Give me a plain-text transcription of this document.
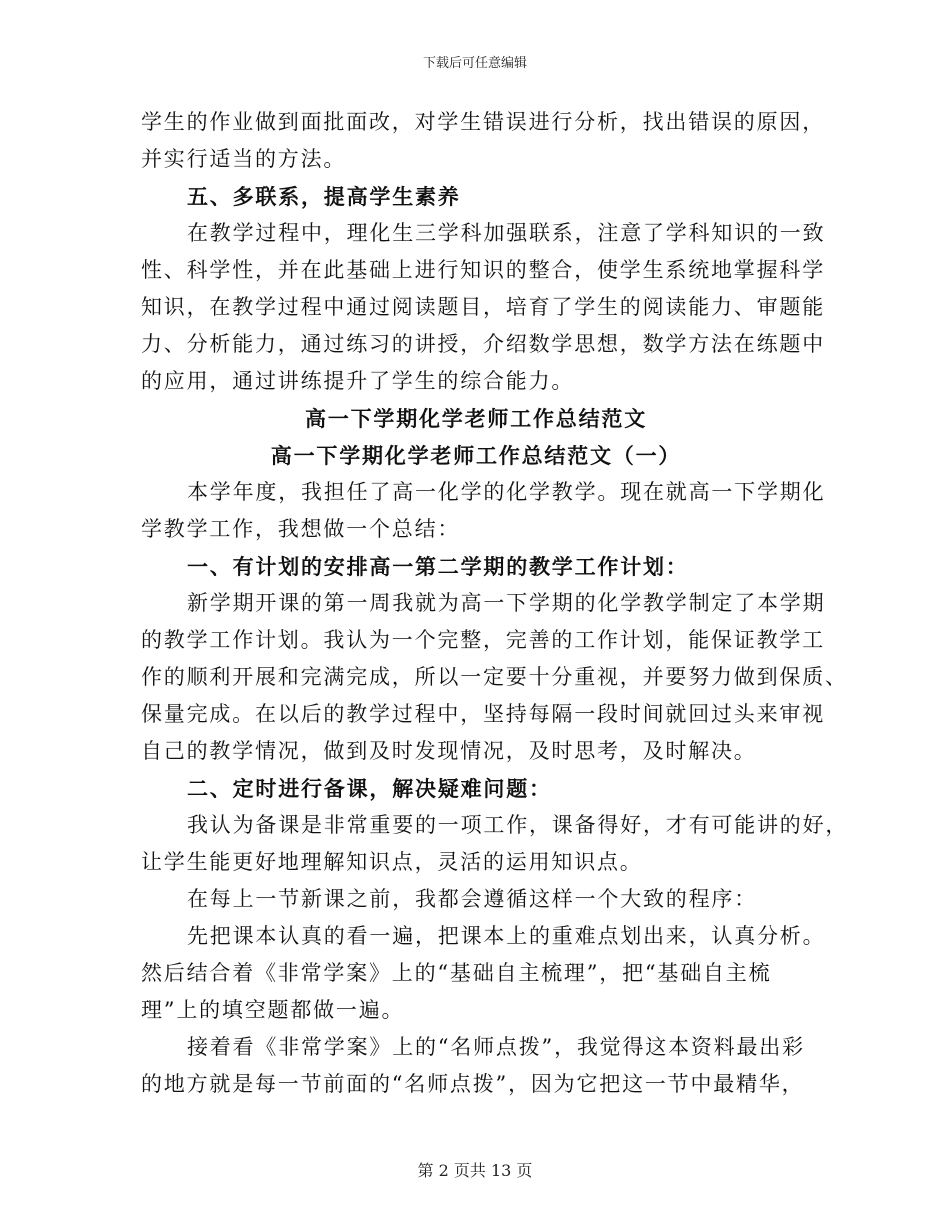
下载后可任意编辑
学生的作业做到面批面改，对学生错误进行分析，找出错误的原因，
并实行适当的方法。
五、多联系，提高学生素养
在教学过程中，理化生三学科加强联系，注意了学科知识的一致
性、科学性，并在此基础上进行知识的整合，使学生系统地掌握科学
知识，在教学过程中通过阅读题目，培育了学生的阅读能力、审题能
力、分析能力，通过练习的讲授，介绍数学思想，数学方法在练题中
的应用，通过讲练提升了学生的综合能力。
高一下学期化学老师工作总结范文
高一下学期化学老师工作总结范文（一）
本学年度，我担任了高一化学的化学教学。现在就高一下学期化
学教学工作，我想做一个总结：
一、有计划的安排高一第二学期的教学工作计划：
新学期开课的第一周我就为高一下学期的化学教学制定了本学期
的教学工作计划。我认为一个完整，完善的工作计划，能保证教学工
作的顺利开展和完满完成，所以一定要十分重视，并要努力做到保质、
保量完成。在以后的教学过程中，坚持每隔一段时间就回过头来审视
自己的教学情况，做到及时发现情况，及时思考，及时解决。
二、定时进行备课，解决疑难问题：
我认为备课是非常重要的一项工作，课备得好，才有可能讲的好，
让学生能更好地理解知识点，灵活的运用知识点。
在每上一节新课之前，我都会遵循这样一个大致的程序：
先把课本认真的看一遍，把课本上的重难点划出来，认真分析。
然后结合着《非常学案》上的“基础自主梳理”，把“基础自主梳
理”上的填空题都做一遍。
接着看《非常学案》上的“名师点拨”，我觉得这本资料最出彩
的地方就是每一节前面的“名师点拨”，因为它把这一节中最精华，
第 2 页共 13 页
